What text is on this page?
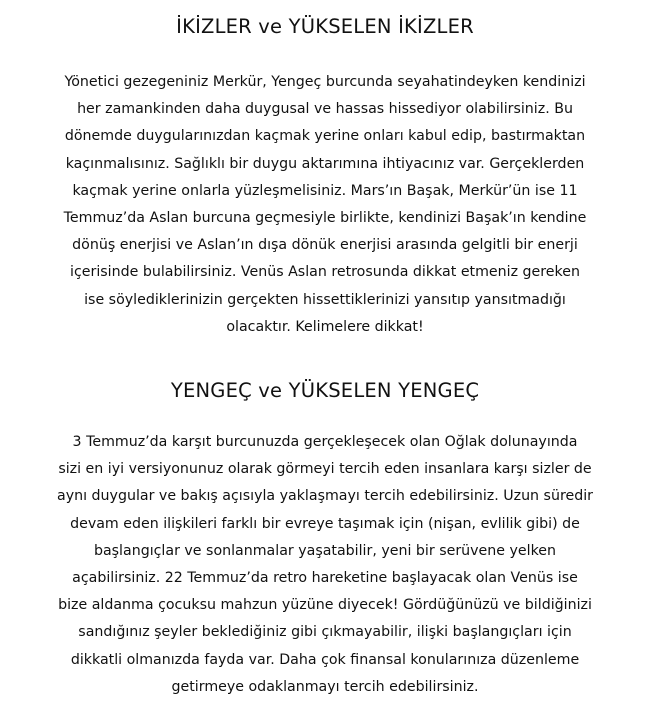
İKİZLER ve YÜKSELEN İKİZLER
Yönetici gezegeniniz Merkür, Yengeç burcunda seyahatindeyken kendinizi
her zamankinden daha duygusal ve hassas hissediyor olabilirsiniz. Bu
dönemde duygularınızdan kaçmak yerine onları kabul edip, bastırmaktan
kaçınmalısınız. Sağlıklı bir duygu aktarımına ihtiyacınız var. Gerçeklerden
kaçmak yerine onlarla yüzleşmelisiniz. Mars’ın Başak, Merkür’ün ise 11
Temmuz’da Aslan burcuna geçmesiyle birlikte, kendinizi Başak’ın kendine
dönüş enerjisi ve Aslan’ın dışa dönük enerjisi arasında gelgitli bir enerji
içerisinde bulabilirsiniz. Venüs Aslan retrosunda dikkat etmeniz gereken
ise söylediklerinizin gerçekten hissettiklerinizi yansıtıp yansıtmadığı
olacaktır. Kelimelere dikkat!
YENGEÇ ve YÜKSELEN YENGEÇ
3 Temmuz’da karşıt burcunuzda gerçekleşecek olan Oğlak dolunayında
sizi en iyi versiyonunuz olarak görmeyi tercih eden insanlara karşı sizler de
aynı duygular ve bakış açısıyla yaklaşmayı tercih edebilirsiniz. Uzun süredir
devam eden ilişkileri farklı bir evreye taşımak için (nişan, evlilik gibi) de
başlangıçlar ve sonlanmalar yaşatabilir, yeni bir serüvene yelken
açabilirsiniz. 22 Temmuz’da retro hareketine başlayacak olan Venüs ise
bize aldanma çocuksu mahzun yüzüne diyecek! Gördüğünüzü ve bildiğinizi
sandığınız şeyler beklediğiniz gibi çıkmayabilir, ilişki başlangıçları için
dikkatli olmanızda fayda var. Daha çok finansal konularınıza düzenleme
getirmeye odaklanmayı tercih edebilirsiniz.
